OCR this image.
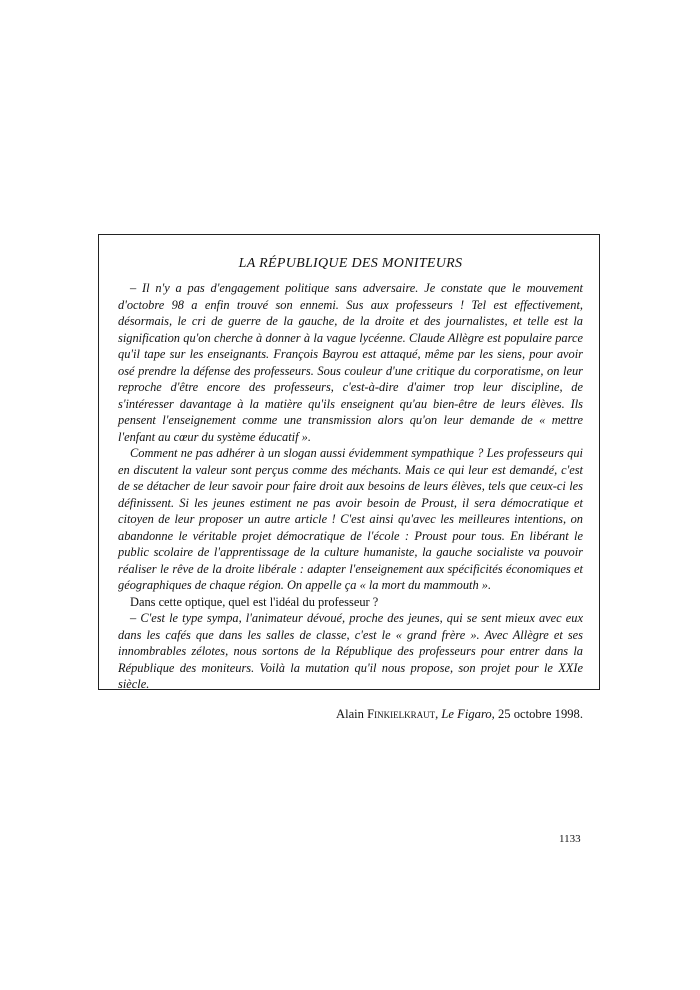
LA RÉPUBLIQUE DES MONITEURS

– Il n'y a pas d'engagement politique sans adversaire. Je constate que le mouvement d'octobre 98 a enfin trouvé son ennemi. Sus aux professeurs ! Tel est effectivement, désormais, le cri de guerre de la gauche, de la droite et des journalistes, et telle est la signification qu'on cherche à donner à la vague lycéenne. Claude Allègre est populaire parce qu'il tape sur les enseignants. François Bayrou est attaqué, même par les siens, pour avoir osé prendre la défense des professeurs. Sous couleur d'une critique du corporatisme, on leur reproche d'être encore des professeurs, c'est-à-dire d'aimer trop leur discipline, de s'intéresser davantage à la matière qu'ils enseignent qu'au bien-être de leurs élèves. Ils pensent l'enseignement comme une transmission alors qu'on leur demande de « mettre l'enfant au cœur du système éducatif ».

Comment ne pas adhérer à un slogan aussi évidemment sympathique ? Les professeurs qui en discutent la valeur sont perçus comme des méchants. Mais ce qui leur est demandé, c'est de se détacher de leur savoir pour faire droit aux besoins de leurs élèves, tels que ceux-ci les définissent. Si les jeunes estiment ne pas avoir besoin de Proust, il sera démocratique et citoyen de leur proposer un autre article ! C'est ainsi qu'avec les meilleures intentions, on abandonne le véritable projet démocratique de l'école : Proust pour tous. En libérant le public scolaire de l'apprentissage de la culture humaniste, la gauche socialiste va pouvoir réaliser le rêve de la droite libérale : adapter l'enseignement aux spécificités économiques et géographiques de chaque région. On appelle ça « la mort du mammouth ».

Dans cette optique, quel est l'idéal du professeur ?

– C'est le type sympa, l'animateur dévoué, proche des jeunes, qui se sent mieux avec eux dans les cafés que dans les salles de classe, c'est le « grand frère ». Avec Allègre et ses innombrables zélotes, nous sortons de la République des professeurs pour entrer dans la République des moniteurs. Voilà la mutation qu'il nous propose, son projet pour le XXIe siècle.

Alain Finkielkraut, Le Figaro, 25 octobre 1998.
1133
